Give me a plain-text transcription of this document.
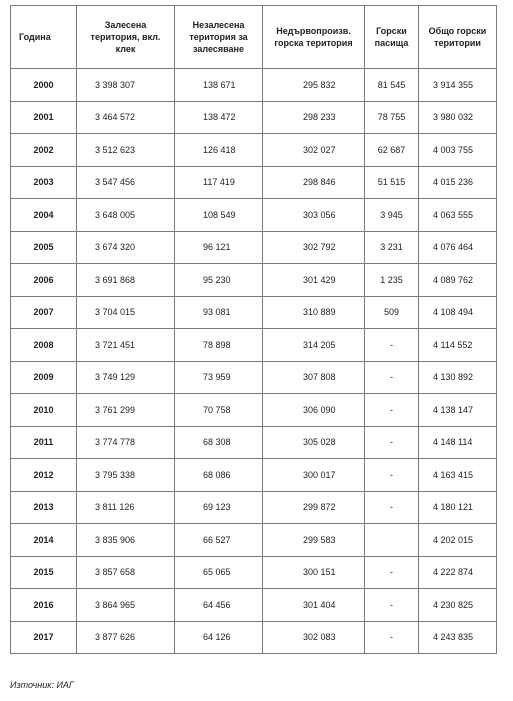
Година	Залесена територия, вкл. клек	Незалесена територия за залесяване	Недървопроизв. горска територия	Горски пасища	Общо горски територии
2000	3 398 307	138 671	295 832	81 545	3 914 355
2001	3 464 572	138 472	298 233	78 755	3 980 032
2002	3 512 623	126 418	302 027	62 687	4 003 755
2003	3 547 456	117 419	298 846	51 515	4 015 236
2004	3 648 005	108 549	303 056	3 945	4 063 555
2005	3 674 320	96 121	302 792	3 231	4 076 464
2006	3 691 868	95 230	301 429	1 235	4 089 762
2007	3 704 015	93 081	310 889	509	4 108 494
2008	3 721 451	78 898	314 205	-	4 114 552
2009	3 749 129	73 959	307 808	-	4 130 892
2010	3 761 299	70 758	306 090	-	4 138 147
2011	3 774 778	68 308	305 028	-	4 148 114
2012	3 795 338	68 086	300 017	-	4 163 415
2013	3 811 126	69 123	299 872	-	4 180 121
2014	3 835 906	66 527	299 583		4 202 015
2015	3 857 658	65 065	300 151	-	4 222 874
2016	3 864 965	64 456	301 404	-	4 230 825
2017	3 877 626	64 126	302 083	-	4 243 835
Източник: ИАГ
